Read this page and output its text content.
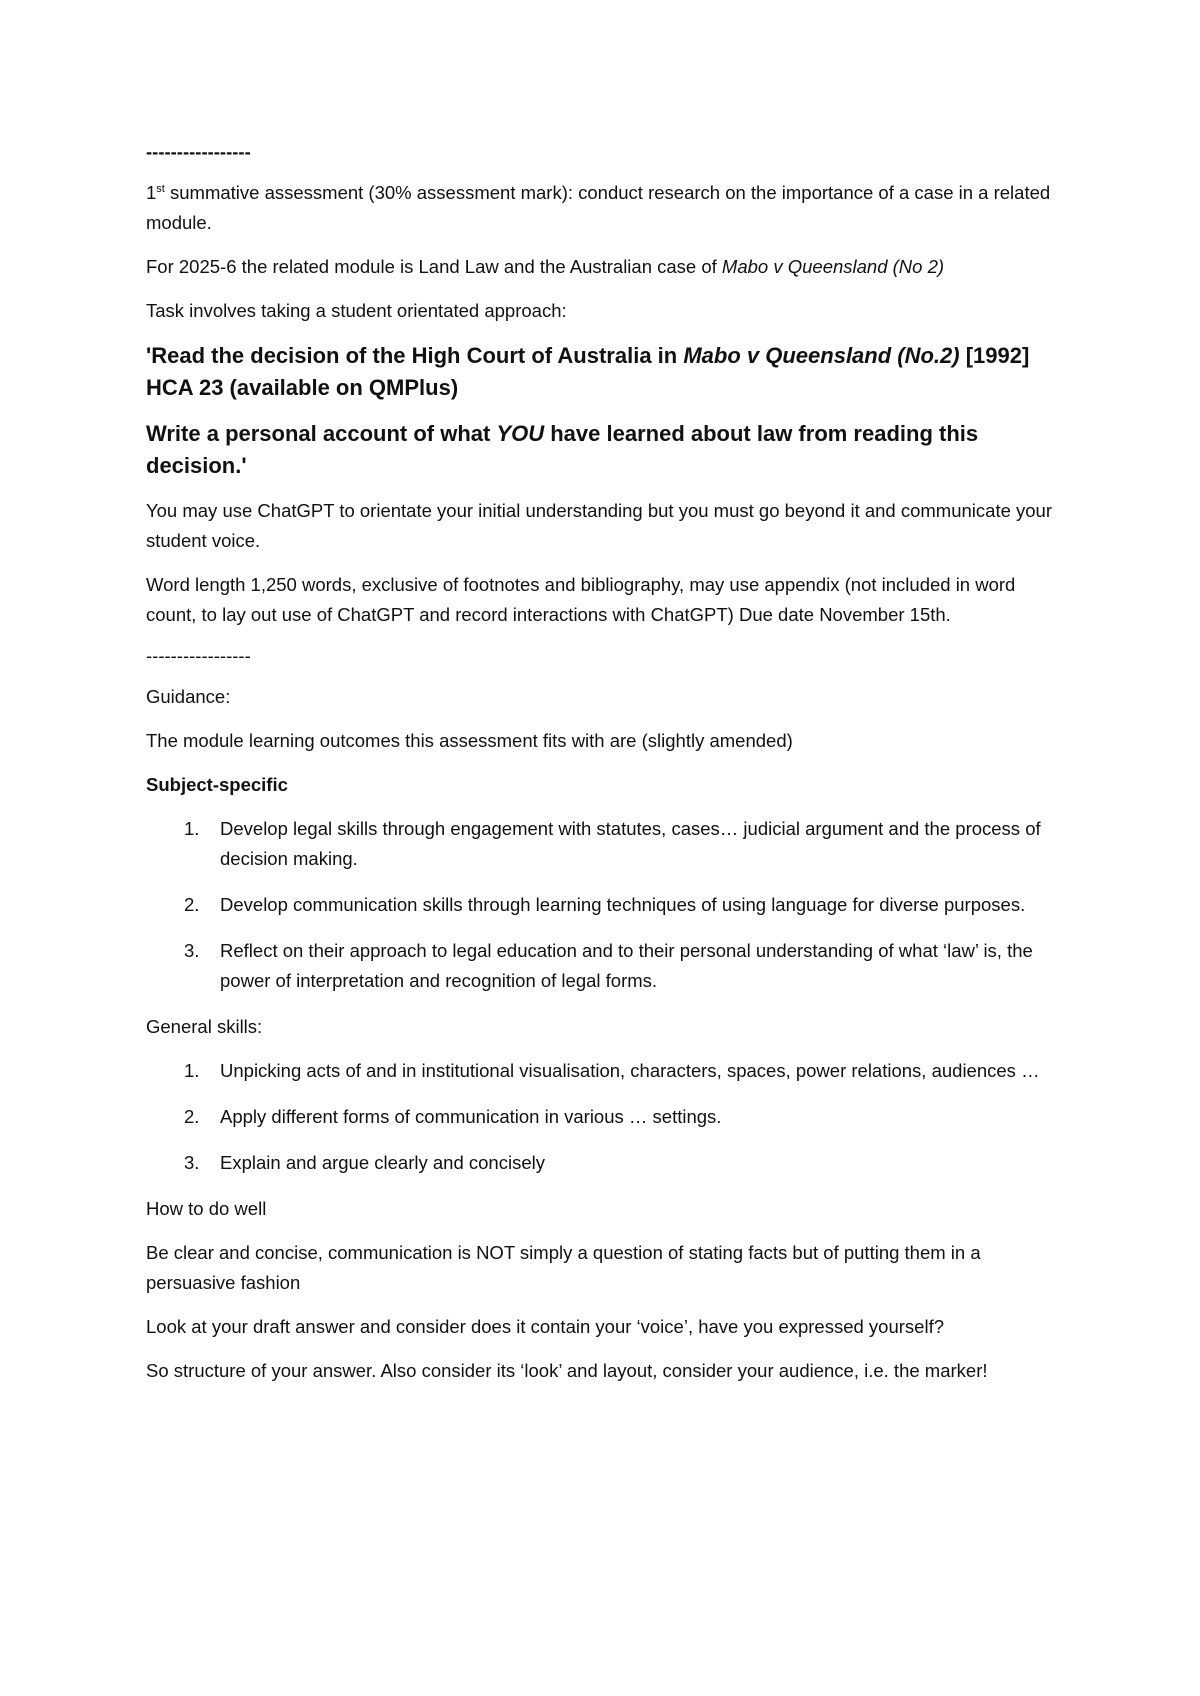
-----------------

1st summative assessment (30% assessment mark): conduct research on the importance of a case in a related module.

For 2025-6 the related module is Land Law and the Australian case of Mabo v Queensland (No 2)

Task involves taking a student orientated approach:

'Read the decision of the High Court of Australia in Mabo v Queensland (No.2) [1992] HCA 23 (available on QMPlus)
Write a personal account of what YOU have learned about law from reading this decision.'

You may use ChatGPT to orientate your initial understanding but you must go beyond it and communicate your student voice.

Word length 1,250 words, exclusive of footnotes and bibliography, may use appendix (not included in word count, to lay out use of ChatGPT and record interactions with ChatGPT) Due date November 15th.

-----------------

Guidance:

The module learning outcomes this assessment fits with are (slightly amended)

Subject-specific

1. Develop legal skills through engagement with statutes, cases… judicial argument and the process of decision making.
2. Develop communication skills through learning techniques of using language for diverse purposes.
3. Reflect on their approach to legal education and to their personal understanding of what ‘law’ is, the power of interpretation and recognition of legal forms.

General skills:

1. Unpicking acts of and in institutional visualisation, characters, spaces, power relations, audiences …
2. Apply different forms of communication in various … settings.
3. Explain and argue clearly and concisely

How to do well

Be clear and concise, communication is NOT simply a question of stating facts but of putting them in a persuasive fashion

Look at your draft answer and consider does it contain your ‘voice’, have you expressed yourself?

So structure of your answer. Also consider its ‘look’ and layout, consider your audience, i.e. the marker!
